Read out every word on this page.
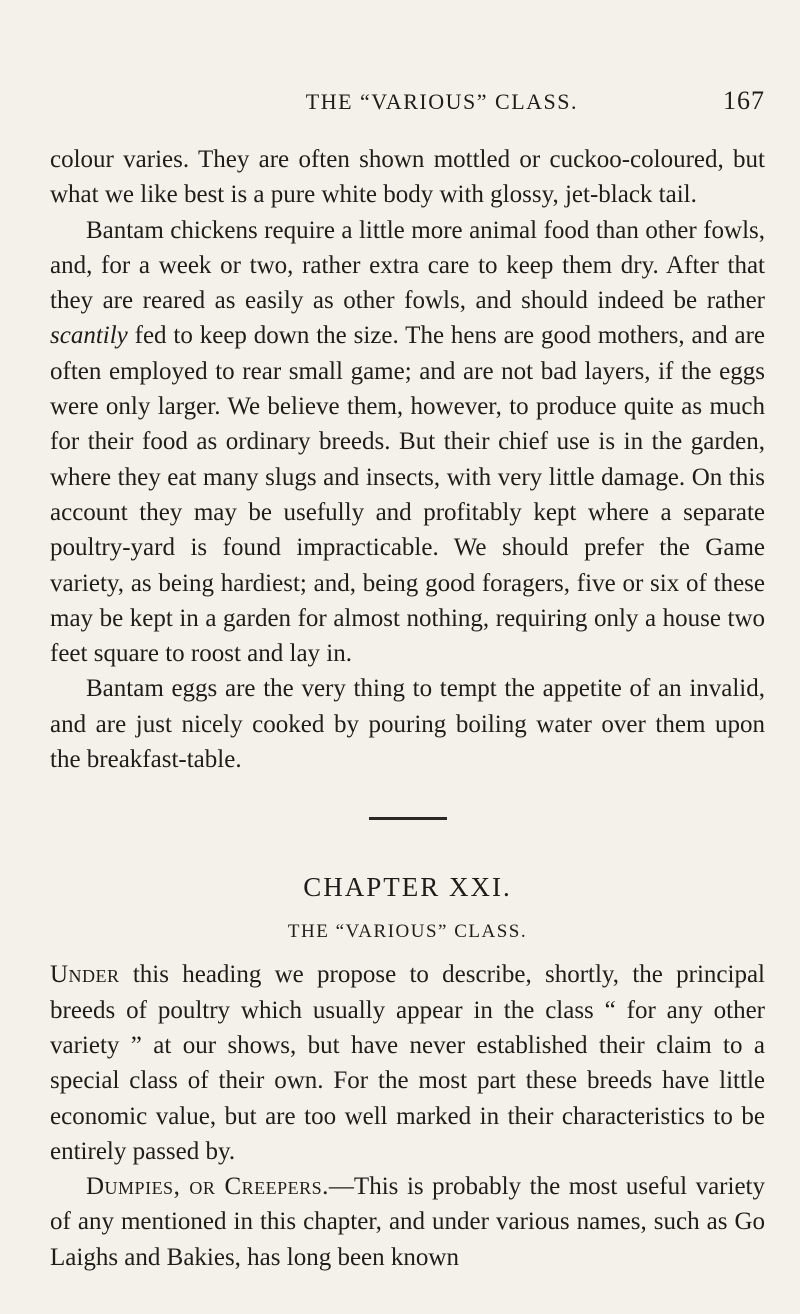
THE “VARIOUS” CLASS.	167

colour varies. They are often shown mottled or cuckoo-coloured, but what we like best is a pure white body with glossy, jet-black tail.

Bantam chickens require a little more animal food than other fowls, and, for a week or two, rather extra care to keep them dry. After that they are reared as easily as other fowls, and should indeed be rather scantily fed to keep down the size. The hens are good mothers, and are often employed to rear small game; and are not bad layers, if the eggs were only larger. We believe them, however, to produce quite as much for their food as ordinary breeds. But their chief use is in the garden, where they eat many slugs and insects, with very little damage. On this account they may be usefully and profitably kept where a separate poultry-yard is found impracticable. We should prefer the Game variety, as being hardiest; and, being good foragers, five or six of these may be kept in a garden for almost nothing, requiring only a house two feet square to roost and lay in.

Bantam eggs are the very thing to tempt the appetite of an invalid, and are just nicely cooked by pouring boiling water over them upon the breakfast-table.

CHAPTER XXI.
THE “VARIOUS” CLASS.

Under this heading we propose to describe, shortly, the principal breeds of poultry which usually appear in the class “ for any other variety ” at our shows, but have never established their claim to a special class of their own. For the most part these breeds have little economic value, but are too well marked in their characteristics to be entirely passed by.

Dumpies, or Creepers.—This is probably the most useful variety of any mentioned in this chapter, and under various names, such as Go Laighs and Bakies, has long been known
